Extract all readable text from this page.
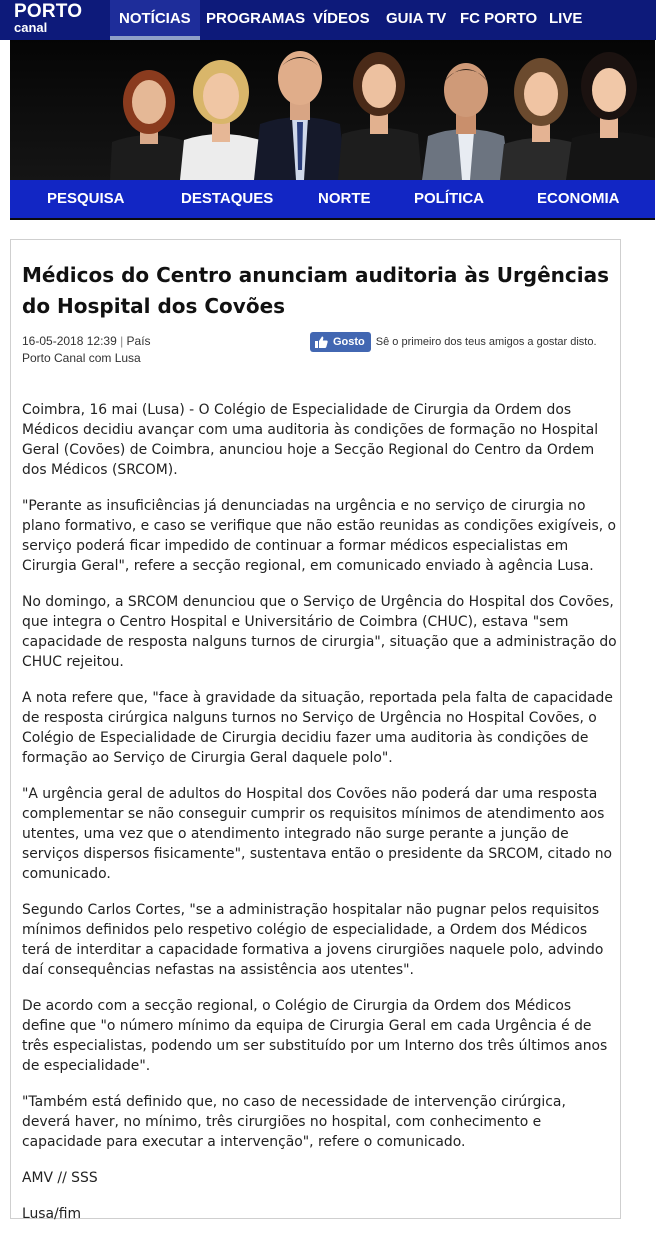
PORTO
canal
NOTÍCIAS	PROGRAMAS VÍDEOS	GUIA TV FC PORTO LIVE
PESQUISA	DESTAQUES	NORTE	POLÍTICA	ECONOMIA
Médicos do Centro anunciam auditoria às Urgências do Hospital dos Covões
16-05-2018 12:39 | País
Porto Canal com Lusa
Gosto Sê o primeiro dos teus amigos a gostar disto.

Coimbra, 16 mai (Lusa) - O Colégio de Especialidade de Cirurgia da Ordem dos Médicos decidiu avançar com uma auditoria às condições de formação no Hospital Geral (Covões) de Coimbra, anunciou hoje a Secção Regional do Centro da Ordem dos Médicos (SRCOM).

"Perante as insuficiências já denunciadas na urgência e no serviço de cirurgia no plano formativo, e caso se verifique que não estão reunidas as condições exigíveis, o serviço poderá ficar impedido de continuar a formar médicos especialistas em Cirurgia Geral", refere a secção regional, em comunicado enviado à agência Lusa.

No domingo, a SRCOM denunciou que o Serviço de Urgência do Hospital dos Covões, que integra o Centro Hospital e Universitário de Coimbra (CHUC), estava "sem capacidade de resposta nalguns turnos de cirurgia", situação que a administração do CHUC rejeitou.

A nota refere que, "face à gravidade da situação, reportada pela falta de capacidade de resposta cirúrgica nalguns turnos no Serviço de Urgência no Hospital Covões, o Colégio de Especialidade de Cirurgia decidiu fazer uma auditoria às condições de formação ao Serviço de Cirurgia Geral daquele polo".

"A urgência geral de adultos do Hospital dos Covões não poderá dar uma resposta complementar se não conseguir cumprir os requisitos mínimos de atendimento aos utentes, uma vez que o atendimento integrado não surge perante a junção de serviços dispersos fisicamente", sustentava então o presidente da SRCOM, citado no comunicado.

Segundo Carlos Cortes, "se a administração hospitalar não pugnar pelos requisitos mínimos definidos pelo respetivo colégio de especialidade, a Ordem dos Médicos terá de interditar a capacidade formativa a jovens cirurgiões naquele polo, advindo daí consequências nefastas na assistência aos utentes".

De acordo com a secção regional, o Colégio de Cirurgia da Ordem dos Médicos define que "o número mínimo da equipa de Cirurgia Geral em cada Urgência é de três especialistas, podendo um ser substituído por um Interno dos três últimos anos de especialidade".

"Também está definido que, no caso de necessidade de intervenção cirúrgica, deverá haver, no mínimo, três cirurgiões no hospital, com conhecimento e capacidade para executar a intervenção", refere o comunicado.

AMV // SSS

Lusa/fim
